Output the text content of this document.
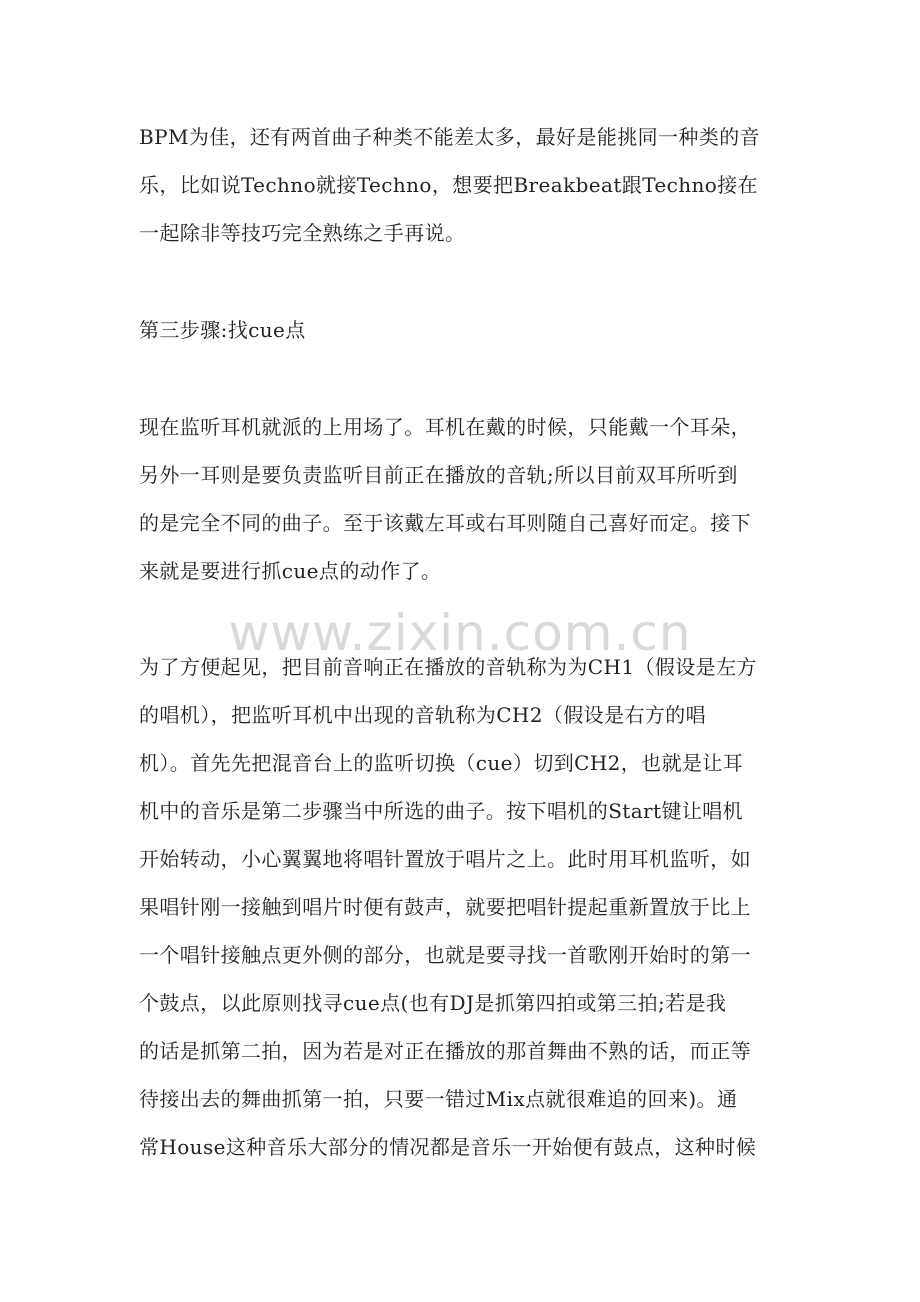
BPM为佳，还有两首曲子种类不能差太多，最好是能挑同一种类的音
乐，比如说Techno就接Techno，想要把Breakbeat跟Techno接在
一起除非等技巧完全熟练之手再说。
第三步骤:找cue点
现在监听耳机就派的上用场了。耳机在戴的时候，只能戴一个耳朵，
另外一耳则是要负责监听目前正在播放的音轨;所以目前双耳所听到
的是完全不同的曲子。至于该戴左耳或右耳则随自己喜好而定。接下
来就是要进行抓cue点的动作了。
www.zixin.com.cn
为了方便起见，把目前音响正在播放的音轨称为为CH1（假设是左方
的唱机），把监听耳机中出现的音轨称为CH2（假设是右方的唱
机）。首先先把混音台上的监听切换（cue）切到CH2，也就是让耳
机中的音乐是第二步骤当中所选的曲子。按下唱机的Start键让唱机
开始转动，小心翼翼地将唱针置放于唱片之上。此时用耳机监听，如
果唱针刚一接触到唱片时便有鼓声，就要把唱针提起重新置放于比上
一个唱针接触点更外侧的部分，也就是要寻找一首歌刚开始时的第一
个鼓点，以此原则找寻cue点(也有DJ是抓第四拍或第三拍;若是我
的话是抓第二拍，因为若是对正在播放的那首舞曲不熟的话，而正等
待接出去的舞曲抓第一拍，只要一错过Mix点就很难追的回来)。通
常House这种音乐大部分的情况都是音乐一开始便有鼓点，这种时候
